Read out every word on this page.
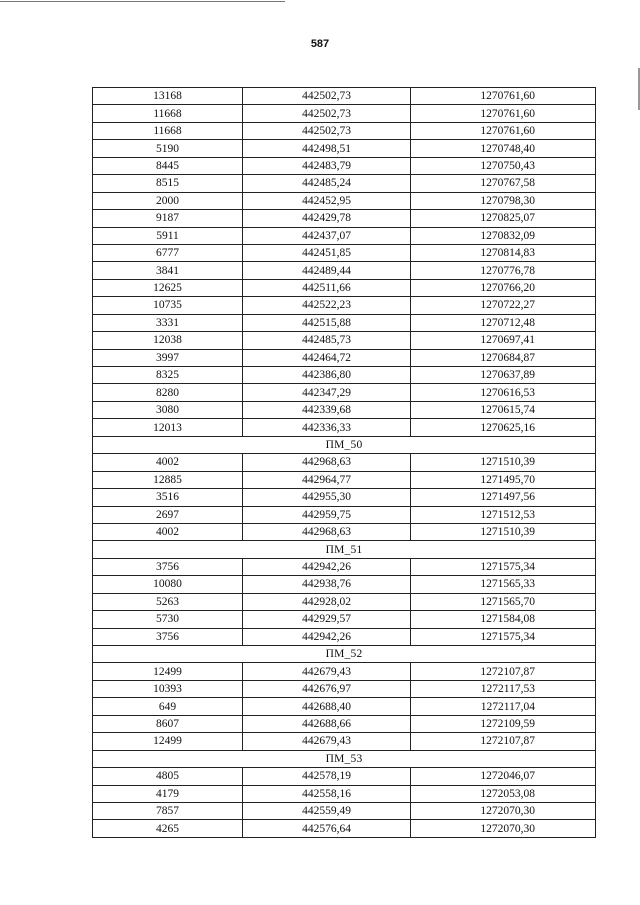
587
13168	442502,73	1270761,60
11668	442502,73	1270761,60
11668	442502,73	1270761,60
5190	442498,51	1270748,40
8445	442483,79	1270750,43
8515	442485,24	1270767,58
2000	442452,95	1270798,30
9187	442429,78	1270825,07
5911	442437,07	1270832,09
6777	442451,85	1270814,83
3841	442489,44	1270776,78
12625	442511,66	1270766,20
10735	442522,23	1270722,27
3331	442515,88	1270712,48
12038	442485,73	1270697,41
3997	442464,72	1270684,87
8325	442386,80	1270637,89
8280	442347,29	1270616,53
3080	442339,68	1270615,74
12013	442336,33	1270625,16
ПМ_50		
4002	442968,63	1271510,39
12885	442964,77	1271495,70
3516	442955,30	1271497,56
2697	442959,75	1271512,53
4002	442968,63	1271510,39
ПМ_51		
3756	442942,26	1271575,34
10080	442938,76	1271565,33
5263	442928,02	1271565,70
5730	442929,57	1271584,08
3756	442942,26	1271575,34
ПМ_52		
12499	442679,43	1272107,87
10393	442676,97	1272117,53
649	442688,40	1272117,04
8607	442688,66	1272109,59
12499	442679,43	1272107,87
ПМ_53		
4805	442578,19	1272046,07
4179	442558,16	1272053,08
7857	442559,49	1272070,30
4265	442576,64	1272070,30
